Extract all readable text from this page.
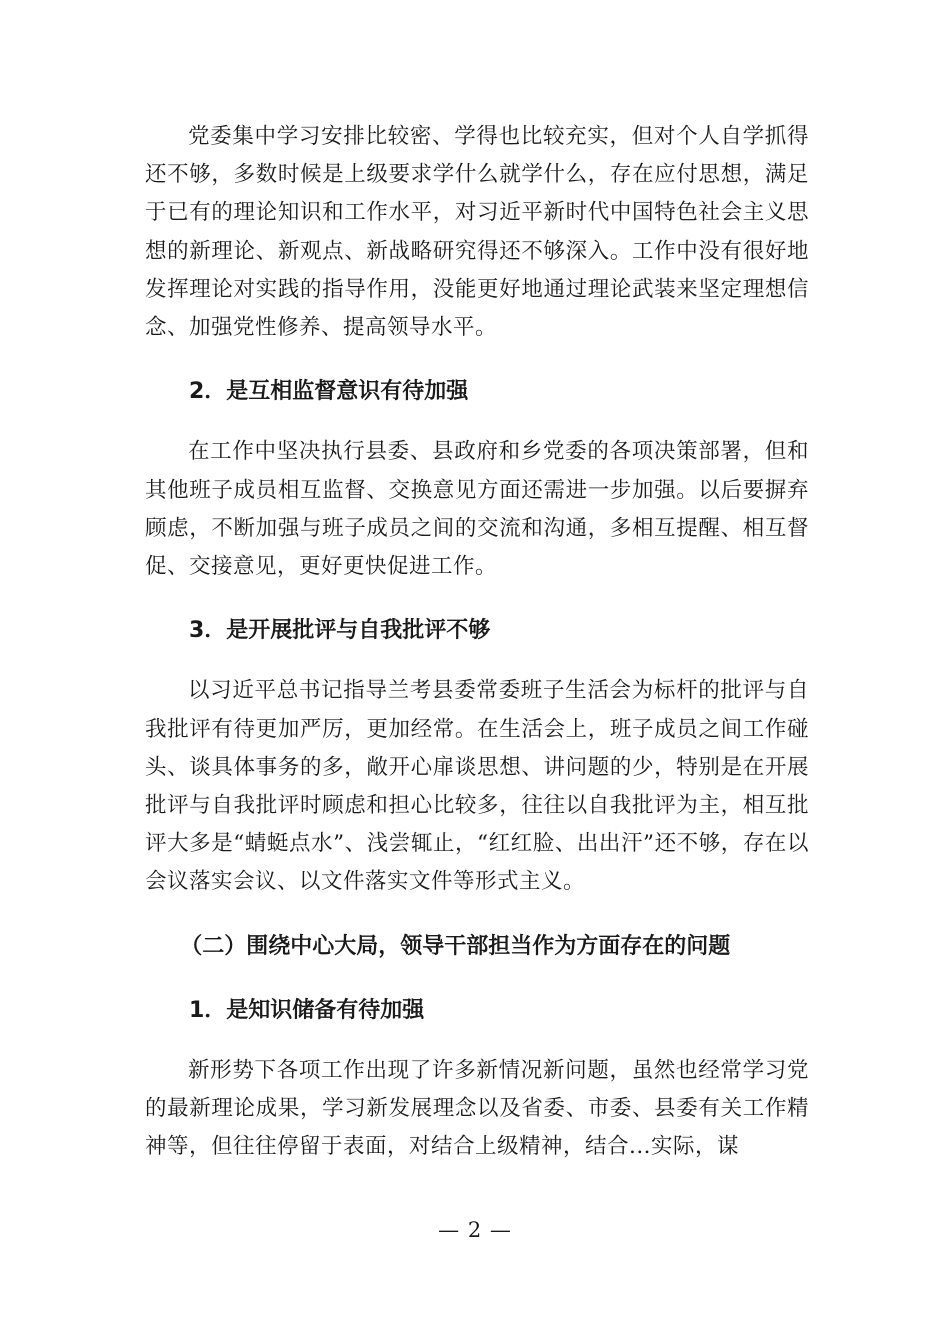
党委集中学习安排比较密、学得也比较充实，但对个人自学抓得还不够，多数时候是上级要求学什么就学什么，存在应付思想，满足于已有的理论知识和工作水平，对习近平新时代中国特色社会主义思想的新理论、新观点、新战略研究得还不够深入。工作中没有很好地发挥理论对实践的指导作用，没能更好地通过理论武装来坚定理想信念、加强党性修养、提高领导水平。

2．是互相监督意识有待加强

在工作中坚决执行县委、县政府和乡党委的各项决策部署，但和其他班子成员相互监督、交换意见方面还需进一步加强。以后要摒弃顾虑，不断加强与班子成员之间的交流和沟通，多相互提醒、相互督促、交接意见，更好更快促进工作。

3．是开展批评与自我批评不够

以习近平总书记指导兰考县委常委班子生活会为标杆的批评与自我批评有待更加严厉，更加经常。在生活会上，班子成员之间工作碰头、谈具体事务的多，敞开心扉谈思想、讲问题的少，特别是在开展批评与自我批评时顾虑和担心比较多，往往以自我批评为主，相互批评大多是“蜻蜓点水”、浅尝辄止，“红红脸、出出汗”还不够，存在以会议落实会议、以文件落实文件等形式主义。

（二）围绕中心大局，领导干部担当作为方面存在的问题

1．是知识储备有待加强

新形势下各项工作出现了许多新情况新问题，虽然也经常学习党的最新理论成果，学习新发展理念以及省委、市委、县委有关工作精神等，但往往停留于表面，对结合上级精神，结合...实际，谋

— 2 —
